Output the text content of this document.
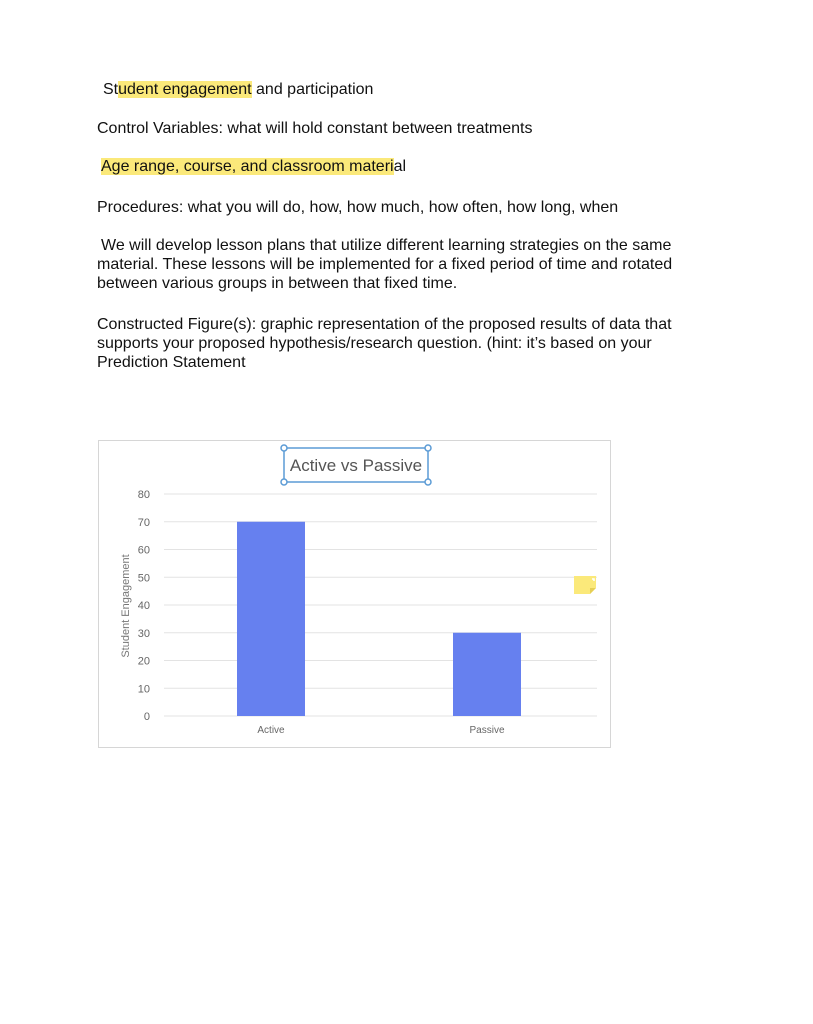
Student engagement and participation

Control Variables: what will hold constant between treatments

Age range, course, and classroom material

Procedures: what you will do, how, how much, how often, how long, when

We will develop lesson plans that utilize different learning strategies on the same material. These lessons will be implemented for a fixed period of time and rotated between various groups in between that fixed time.

Constructed Figure(s): graphic representation of the proposed results of data that supports your proposed hypothesis/research question. (hint: it’s based on your Prediction Statement

0
10
20
30
40
50
60
70
80
Active	Passive
Student Engagement
Active vs Passive
